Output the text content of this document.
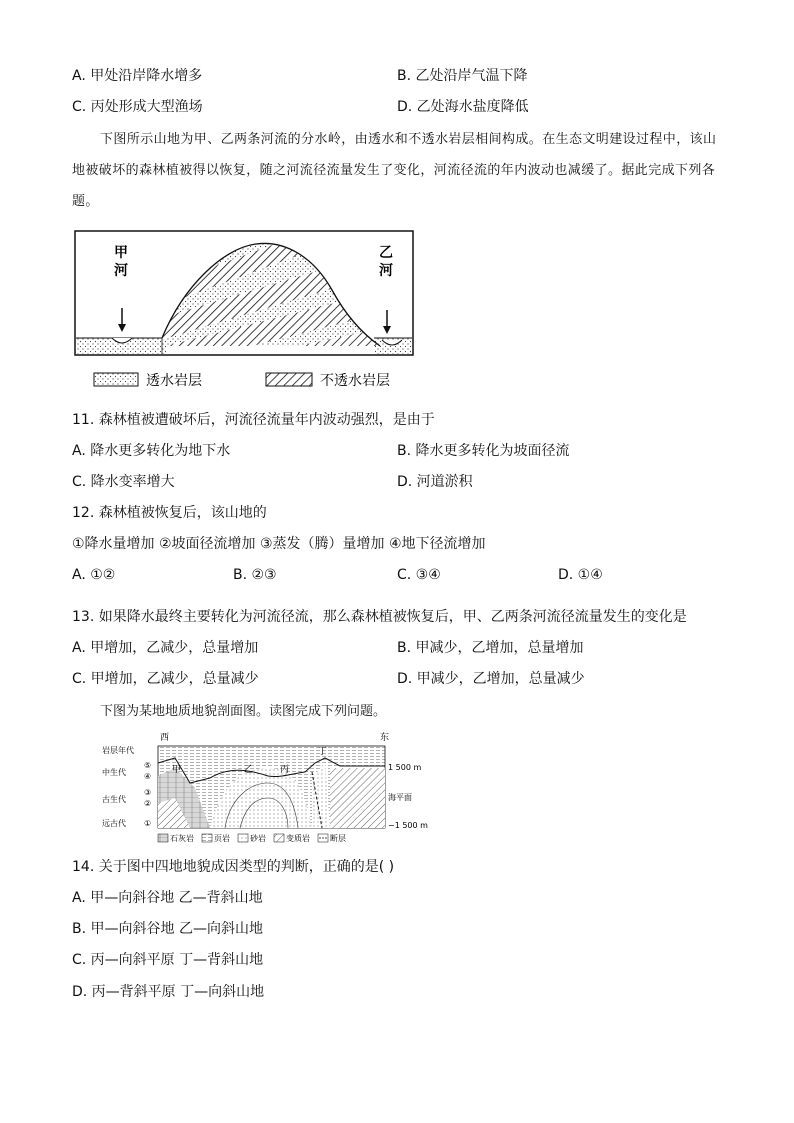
A. 甲处沿岸降水增多	B. 乙处沿岸气温下降
C. 丙处形成大型渔场	D. 乙处海水盐度降低
下图所示山地为甲、乙两条河流的分水岭，由透水和不透水岩层相间构成。在生态文明建设过程中，该山地被破坏的森林植被得以恢复，随之河流径流量发生了变化，河流径流的年内波动也减缓了。据此完成下列各题。
甲
河
乙
河
透水岩层	不透水岩层
11. 森林植被遭破坏后，河流径流量年内波动强烈，是由于
A. 降水更多转化为地下水	B. 降水更多转化为坡面径流
C. 降水变率增大	D. 河道淤积
12. 森林植被恢复后，该山地的
①降水量增加 ②坡面径流增加 ③蒸发（腾）量增加 ④地下径流增加
A. ①②	B. ②③	C. ③④	D. ①④
13. 如果降水最终主要转化为河流径流，那么森林植被恢复后，甲、乙两条河流径流量发生的变化是
A. 甲增加，乙减少，总量增加	B. 甲减少，乙增加，总量增加
C. 甲增加，乙减少，总量减少	D. 甲减少，乙增加，总量减少
下图为某地地质地貌剖面图。读图完成下列问题。
西	东
岩层年代
中生代
⑤
④
古生代
③
②
远古代 ①
甲	乙	丙
丁
1 500 m
海平面
−1 500 m
石灰岩	页岩	砂岩	变质岩	断层
14. 关于图中四地地貌成因类型的判断，正确的是( )
A. 甲—向斜谷地 乙—背斜山地
B. 甲—向斜谷地 乙—向斜山地
C. 丙—向斜平原 丁—背斜山地
D. 丙—背斜平原 丁—向斜山地
